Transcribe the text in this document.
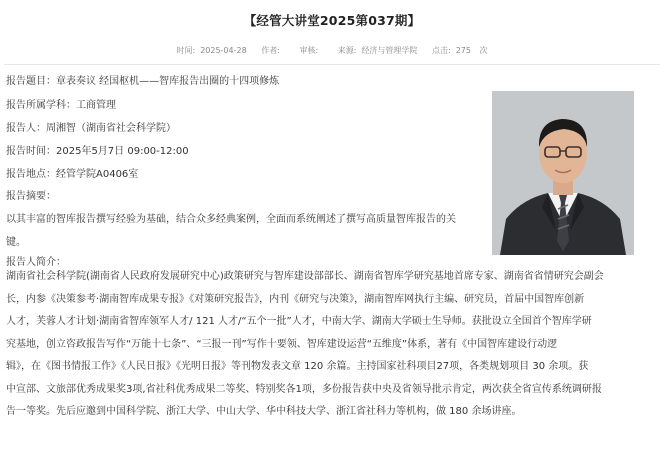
【经管大讲堂2025第037期】
时间: 2025-04-28 作者: 审核: 来源: 经济与管理学院 点击: 275 次
报告题目：章表奏议 经国枢机——智库报告出圈的十四项修炼
报告所属学科：工商管理
报告人：周湘智（湖南省社会科学院）
报告时间：2025年5月7日 09:00-12:00
报告地点：经管学院A0406室
报告摘要：
以其丰富的智库报告撰写经验为基础，结合众多经典案例，全面而系统阐述了撰写高质量智库报告的关
键。
报告人简介：
湖南省社会科学院(湖南省人民政府发展研究中心)政策研究与智库建设部部长、湖南省智库学研究基地首席专家、湖南省省情研究会副会
长，内参《决策参考·湖南智库成果专报》《对策研究报告》，内刊《研究与决策》，湖南智库网执行主编、研究员，首届中国智库创新
人才，芙蓉人才计划·湖南省智库领军人才/ 121 人才/“五个一批”人才，中南大学、湖南大学硕士生导师。获批设立全国首个智库学研
究基地，创立咨政报告写作“万能十七条”、“三报一刊”写作十要领、智库建设运营“五维度”体系，著有《中国智库建设行动逻
辑》，在《图书情报工作》《人民日报》《光明日报》等刊物发表文章 120 余篇。主持国家社科项目27项，各类规划项目 30 余项。获
中宣部、文旅部优秀成果奖3项,省社科优秀成果二等奖、特别奖各1项，多份报告获中央及省领导批示肯定，两次获全省宣传系统调研报
告一等奖。先后应邀到中国科学院、浙江大学、中山大学、华中科技大学、浙江省社科力等机构，做 180 余场讲座。
